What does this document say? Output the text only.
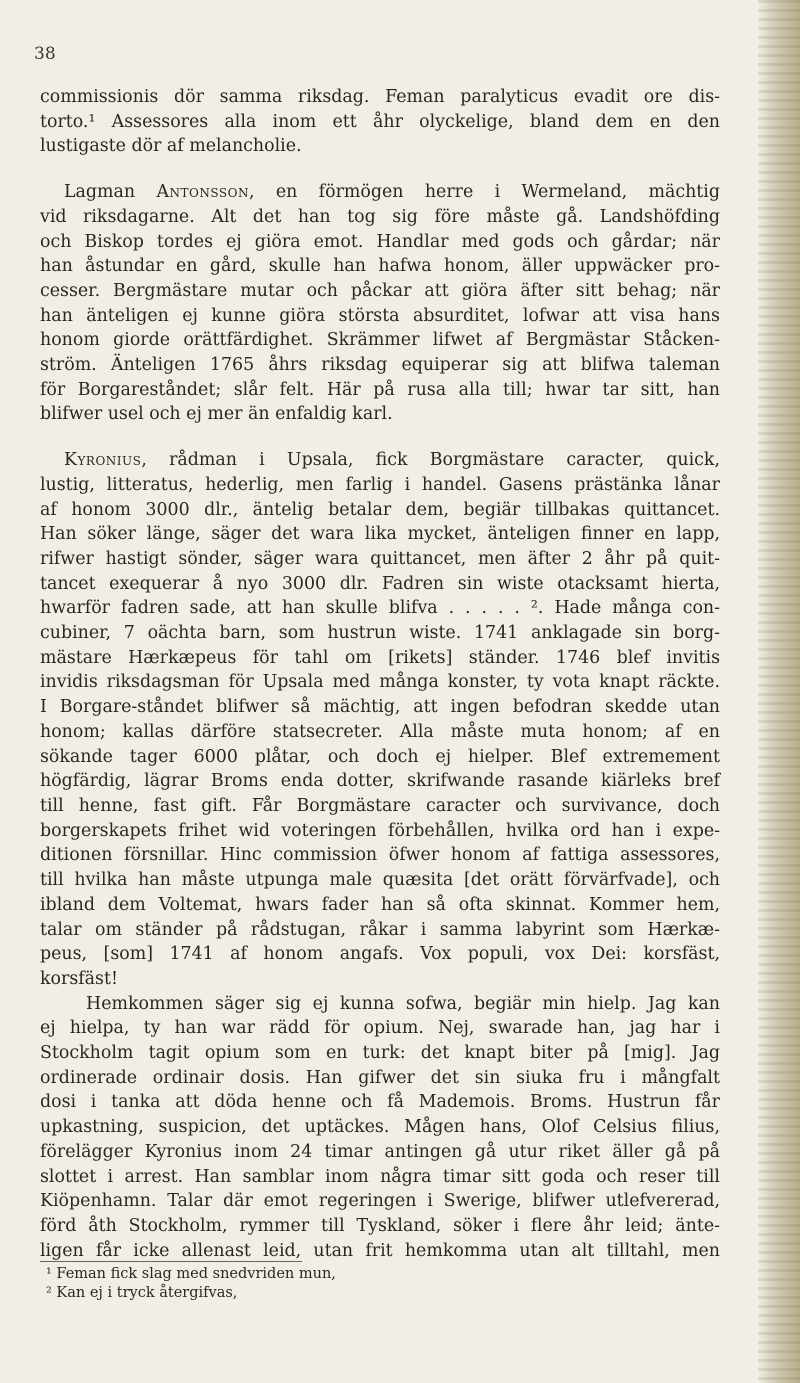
38
commissionis dör samma riksdag. Feman paralyticus evadit ore dis-
torto.¹ Assessores alla inom ett åhr olyckelige, bland dem en den
lustigaste dör af melancholie.
Lagman Antonsson, en förmögen herre i Wermeland, mächtig
vid riksdagarne. Alt det han tog sig före måste gå. Landshöfding
och Biskop tordes ej giöra emot. Handlar med gods och gårdar; när
han åstundar en gård, skulle han hafwa honom, äller uppwäcker pro-
cesser. Bergmästare mutar och påckar att giöra äfter sitt behag; när
han änteligen ej kunne giöra största absurditet, lofwar att visa hans
honom giorde orättfärdighet. Skrämmer lifwet af Bergmästar Ståcken-
ström. Änteligen 1765 åhrs riksdag equiperar sig att blifwa taleman
för Borgareståndet; slår felt. Här på rusa alla till; hwar tar sitt, han
blifwer usel och ej mer än enfaldig karl.
Kyronius, rådman i Upsala, fick Borgmästare caracter, quick,
lustig, litteratus, hederlig, men farlig i handel. Gasens prästänka lånar
af honom 3000 dlr., äntelig betalar dem, begiär tillbakas quittancet.
Han söker länge, säger det wara lika mycket, änteligen finner en lapp,
rifwer hastigt sönder, säger wara quittancet, men äfter 2 åhr på quit-
tancet exequerar å nyo 3000 dlr. Fadren sin wiste otacksamt hierta,
hwarför fadren sade, att han skulle blifva . . . . . ². Hade många con-
cubiner, 7 oächta barn, som hustrun wiste. 1741 anklagade sin borg-
mästare Hærkæpeus för tahl om [rikets] ständer. 1746 blef invitis
invidis riksdagsman för Upsala med många konster, ty vota knapt räckte.
I Borgare-ståndet blifwer så mächtig, att ingen befodran skedde utan
honom; kallas därföre statsecreter. Alla måste muta honom; af en
sökande tager 6000 plåtar, och doch ej hielper. Blef extremement
högfärdig, lägrar Broms enda dotter, skrifwande rasande kiärleks bref
till henne, fast gift. Får Borgmästare caracter och survivance, doch
borgerskapets frihet wid voteringen förbehållen, hvilka ord han i expe-
ditionen försnillar. Hinc commission öfwer honom af fattiga assessores,
till hvilka han måste utpunga male quæsita [det orätt förvärfvade], och
ibland dem Voltemat, hwars fader han så ofta skinnat. Kommer hem,
talar om ständer på rådstugan, råkar i samma labyrint som Hærkæ-
peus, [som] 1741 af honom angafs. Vox populi, vox Dei: korsfäst,
korsfäst!
Hemkommen säger sig ej kunna sofwa, begiär min hielp. Jag kan
ej hielpa, ty han war rädd för opium. Nej, swarade han, jag har i
Stockholm tagit opium som en turk: det knapt biter på [mig]. Jag
ordinerade ordinair dosis. Han gifwer det sin siuka fru i mångfalt
dosi i tanka att döda henne och få Mademois. Broms. Hustrun får
upkastning, suspicion, det uptäckes. Mågen hans, Olof Celsius filius,
förelägger Kyronius inom 24 timar antingen gå utur riket äller gå på
slottet i arrest. Han samblar inom några timar sitt goda och reser till
Kiöpenhamn. Talar där emot regeringen i Swerige, blifwer utlefvererad,
förd åth Stockholm, rymmer till Tyskland, söker i flere åhr leid; änte-
ligen får icke allenast leid, utan frit hemkomma utan alt tilltahl, men
¹ Feman fick slag med snedvriden mun,
² Kan ej i tryck återgifvas,
